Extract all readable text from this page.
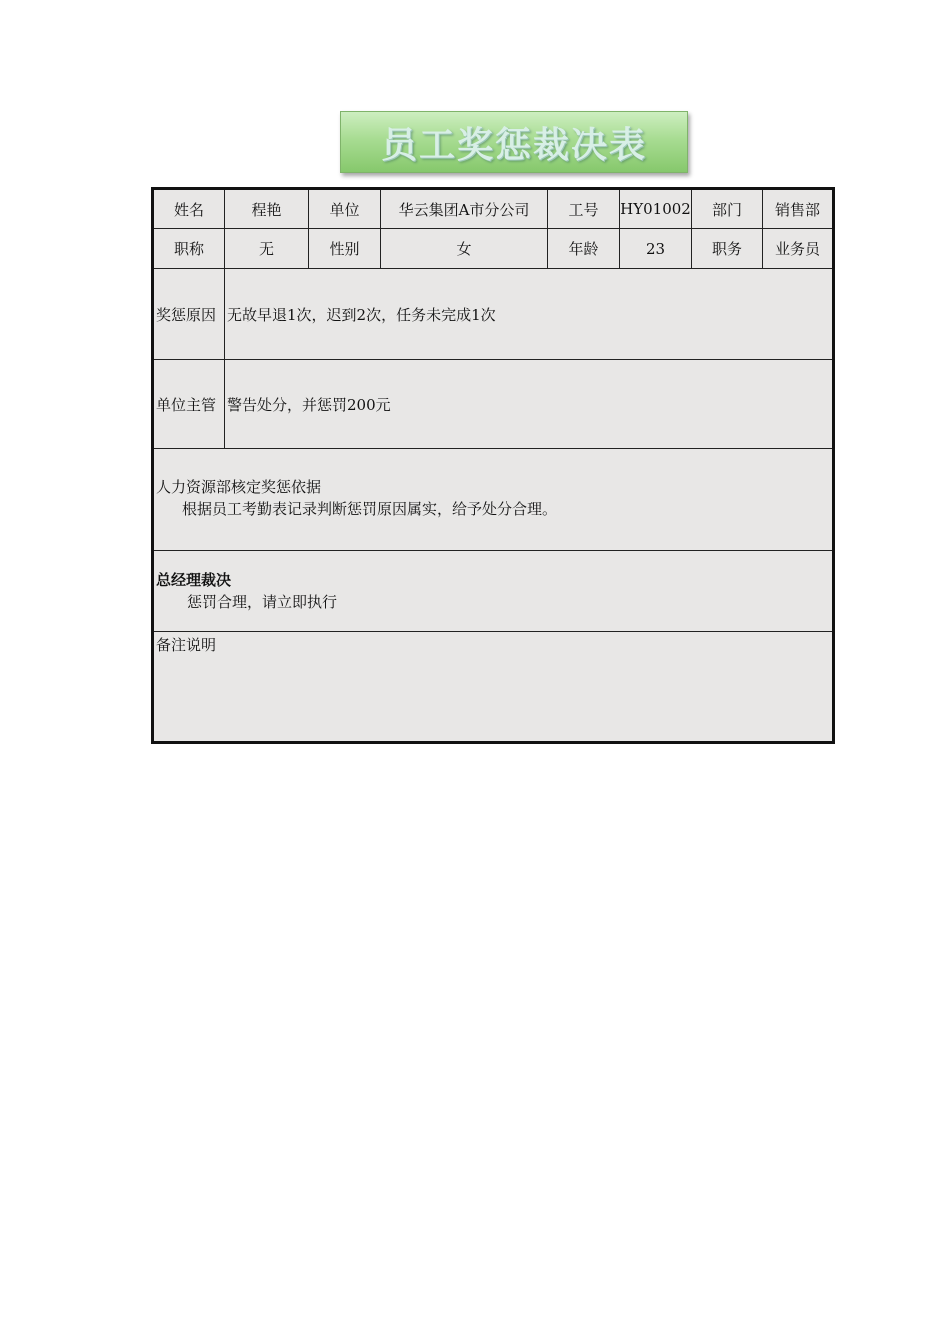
员工奖惩裁决表
姓名	程艳	单位	华云集团A市分公司	工号	HY01002	部门	销售部
职称	无	性别	女	年龄	23	职务	业务员
奖惩原因	无故早退1次，迟到2次，任务未完成1次						
单位主管	警告处分，并惩罚200元						

人力资源部核定奖惩依据
根据员工考勤表记录判断惩罚原因属实，给予处分合理。							

总经理裁决
惩罚合理，请立即执行							

备注说明							
